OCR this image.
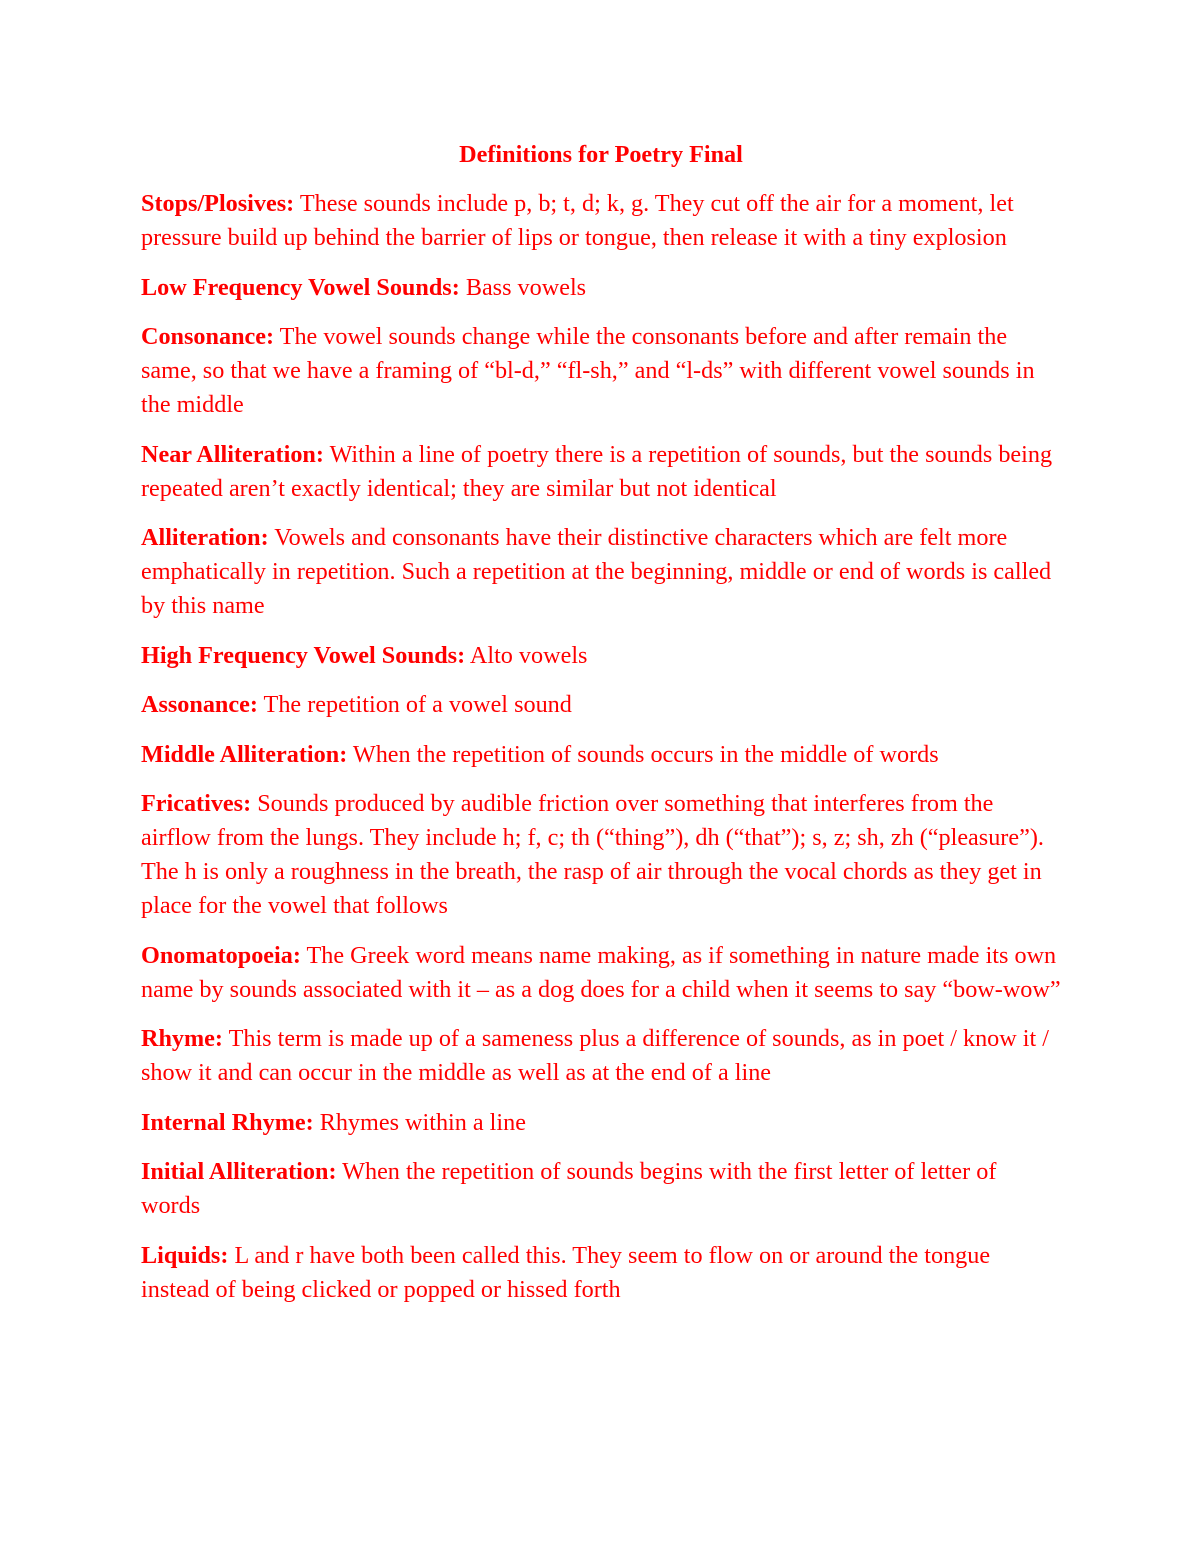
Definitions for Poetry Final
Stops/Plosives: These sounds include p, b; t, d; k, g. They cut off the air for a moment, let pressure build up behind the barrier of lips or tongue, then release it with a tiny explosion
Low Frequency Vowel Sounds: Bass vowels
Consonance: The vowel sounds change while the consonants before and after remain the same, so that we have a framing of “bl-d,” “fl-sh,” and “l-ds” with different vowel sounds in the middle
Near Alliteration: Within a line of poetry there is a repetition of sounds, but the sounds being repeated aren’t exactly identical; they are similar but not identical
Alliteration: Vowels and consonants have their distinctive characters which are felt more emphatically in repetition. Such a repetition at the beginning, middle or end of words is called by this name
High Frequency Vowel Sounds: Alto vowels
Assonance: The repetition of a vowel sound
Middle Alliteration: When the repetition of sounds occurs in the middle of words
Fricatives: Sounds produced by audible friction over something that interferes from the airflow from the lungs. They include h; f, c; th (“thing”), dh (“that”); s, z; sh, zh (“pleasure”). The h is only a roughness in the breath, the rasp of air through the vocal chords as they get in place for the vowel that follows
Onomatopoeia: The Greek word means name making, as if something in nature made its own name by sounds associated with it – as a dog does for a child when it seems to say “bow-wow”
Rhyme: This term is made up of a sameness plus a difference of sounds, as in poet / know it / show it and can occur in the middle as well as at the end of a line
Internal Rhyme: Rhymes within a line
Initial Alliteration: When the repetition of sounds begins with the first letter of letter of words
Liquids: L and r have both been called this. They seem to flow on or around the tongue instead of being clicked or popped or hissed forth
